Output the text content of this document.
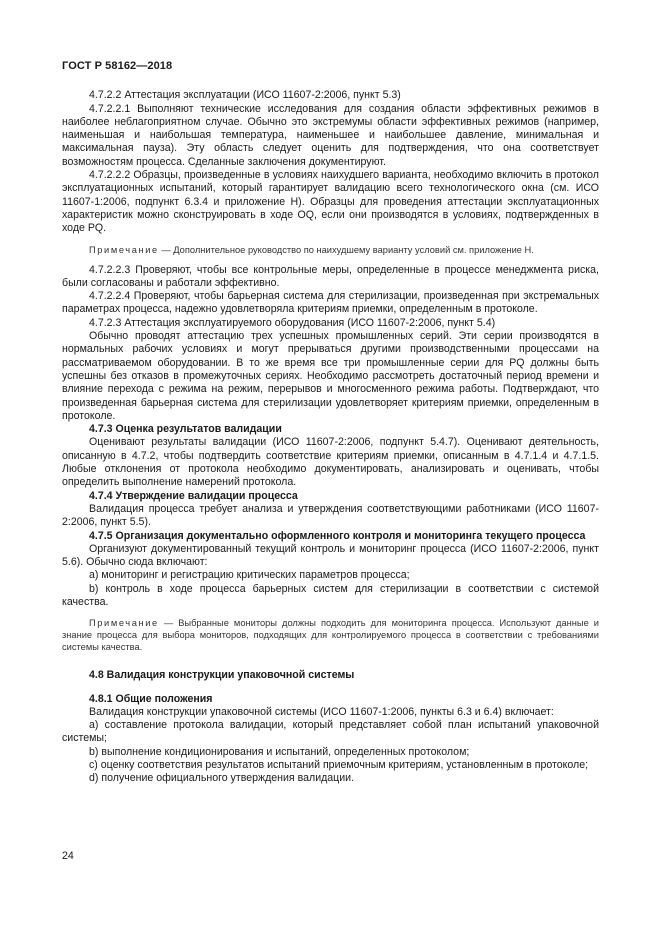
ГОСТ Р 58162—2018

4.7.2.2 Аттестация эксплуатации (ИСО 11607-2:2006, пункт 5.3)

4.7.2.2.1 Выполняют технические исследования для создания области эффективных режимов в наиболее неблагоприятном случае. Обычно это экстремумы области эффективных режимов (например, наименьшая и наибольшая температура, наименьшее и наибольшее давление, минимальная и максимальная пауза). Эту область следует оценить для подтверждения, что она соответствует возможностям процесса. Сделанные заключения документируют.

4.7.2.2.2 Образцы, произведенные в условиях наихудшего варианта, необходимо включить в протокол эксплуатационных испытаний, который гарантирует валидацию всего технологического окна (см. ИСО 11607-1:2006, подпункт 6.3.4 и приложение Н). Образцы для проведения аттестации эксплуатационных характеристик можно сконструировать в ходе OQ, если они производятся в условиях, подтвержденных в ходе PQ.

Примечание — Дополнительное руководство по наихудшему варианту условий см. приложение Н.

4.7.2.2.3 Проверяют, чтобы все контрольные меры, определенные в процессе менеджмента риска, были согласованы и работали эффективно.

4.7.2.2.4 Проверяют, чтобы барьерная система для стерилизации, произведенная при экстремальных параметрах процесса, надежно удовлетворяла критериям приемки, определенным в протоколе.

4.7.2.3 Аттестация эксплуатируемого оборудования (ИСО 11607-2:2006, пункт 5.4)

Обычно проводят аттестацию трех успешных промышленных серий. Эти серии производятся в нормальных рабочих условиях и могут прерываться другими производственными процессами на рассматриваемом оборудовании. В то же время все три промышленные серии для PQ должны быть успешны без отказов в промежуточных сериях. Необходимо рассмотреть достаточный период времени и влияние перехода с режима на режим, перерывов и многосменного режима работы. Подтверждают, что произведенная барьерная система для стерилизации удовлетворяет критериям приемки, определенным в протоколе.

4.7.3 Оценка результатов валидации

Оценивают результаты валидации (ИСО 11607-2:2006, подпункт 5.4.7). Оценивают деятельность, описанную в 4.7.2, чтобы подтвердить соответствие критериям приемки, описанным в 4.7.1.4 и 4.7.1.5. Любые отклонения от протокола необходимо документировать, анализировать и оценивать, чтобы определить выполнение намерений протокола.

4.7.4 Утверждение валидации процесса

Валидация процесса требует анализа и утверждения соответствующими работниками (ИСО 11607-2:2006, пункт 5.5).

4.7.5 Организация документально оформленного контроля и мониторинга текущего процесса

Организуют документированный текущий контроль и мониторинг процесса (ИСО 11607-2:2006, пункт 5.6). Обычно сюда включают:

а) мониторинг и регистрацию критических параметров процесса;

b) контроль в ходе процесса барьерных систем для стерилизации в соответствии с системой качества.

Примечание — Выбранные мониторы должны подходить для мониторинга процесса. Используют данные и знание процесса для выбора мониторов, подходящих для контролируемого процесса в соответствии с требованиями системы качества.

4.8 Валидация конструкции упаковочной системы

4.8.1 Общие положения

Валидация конструкции упаковочной системы (ИСО 11607-1:2006, пункты 6.3 и 6.4) включает:

а) составление протокола валидации, который представляет собой план испытаний упаковочной системы;

b) выполнение кондиционирования и испытаний, определенных протоколом;

с) оценку соответствия результатов испытаний приемочным критериям, установленным в протоколе;

d) получение официального утверждения валидации.

24
